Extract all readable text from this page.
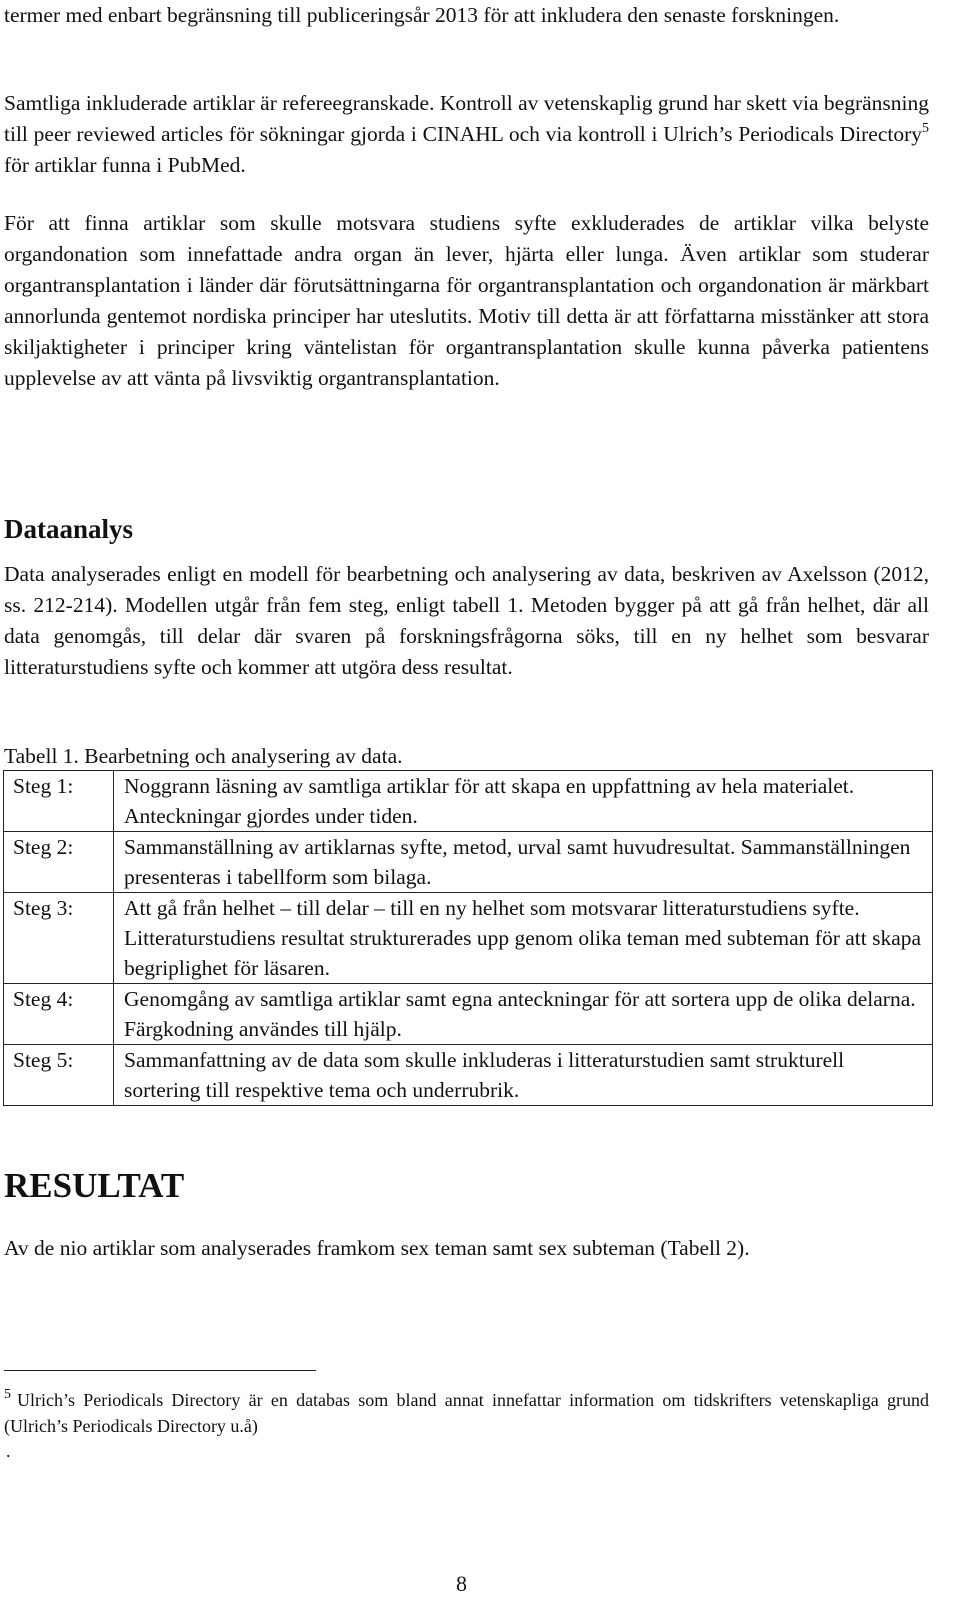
termer med enbart begränsning till publiceringsår 2013 för att inkludera den senaste forskningen.

Samtliga inkluderade artiklar är refereegranskade. Kontroll av vetenskaplig grund har skett via begränsning till peer reviewed articles för sökningar gjorda i CINAHL och via kontroll i Ulrich’s Periodicals Directory$^5$ för artiklar funna i PubMed.

För att finna artiklar som skulle motsvara studiens syfte exkluderades de artiklar vilka belyste organdonation som innefattade andra organ än lever, hjärta eller lunga. Även artiklar som studerar organtransplantation i länder där förutsättningarna för organtransplantation och organdonation är märkbart annorlunda gentemot nordiska principer har uteslutits. Motiv till detta är att författarna misstänker att stora skiljaktigheter i principer kring väntelistan för organtransplantation skulle kunna påverka patientens upplevelse av att vänta på livsviktig organtransplantation.

Dataanalys

Data analyserades enligt en modell för bearbetning och analysering av data, beskriven av Axelsson (2012, ss. 212-214). Modellen utgår från fem steg, enligt tabell 1. Metoden bygger på att gå från helhet, där all data genomgås, till delar där svaren på forskningsfrågorna söks, till en ny helhet som besvarar litteraturstudiens syfte och kommer att utgöra dess resultat.

Tabell 1. Bearbetning och analysering av data.

Steg 1:	Noggrann läsning av samtliga artiklar för att skapa en uppfattning av hela materialet. Anteckningar gjordes under tiden.
Steg 2:	Sammanställning av artiklarnas syfte, metod, urval samt huvudresultat. Sammanställningen presenteras i tabellform som bilaga.
Steg 3:	Att gå från helhet – till delar – till en ny helhet som motsvarar litteraturstudiens syfte. Litteraturstudiens resultat strukturerades upp genom olika teman med subteman för att skapa begriplighet för läsaren.
Steg 4:	Genomgång av samtliga artiklar samt egna anteckningar för att sortera upp de olika delarna. Färgkodning användes till hjälp.
Steg 5:	Sammanfattning av de data som skulle inkluderas i litteraturstudien samt strukturell sortering till respektive tema och underrubrik.
RESULTAT

Av de nio artiklar som analyserades framkom sex teman samt sex subteman (Tabell 2).

$^5$ Ulrich’s Periodicals Directory är en databas som bland annat innefattar information om tidskrifters vetenskapliga grund (Ulrich’s Periodicals Directory u.å)

.

8
